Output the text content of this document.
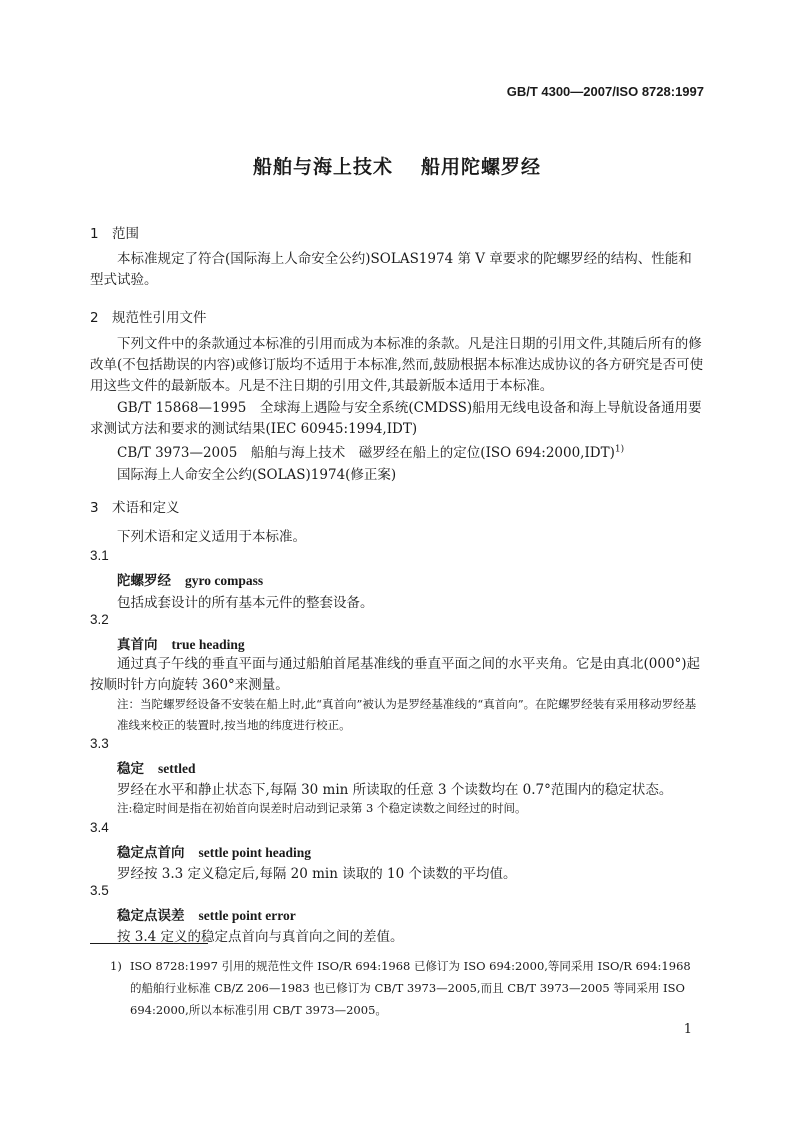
GB/T 4300—2007/ISO 8728:1997
船舶与海上技术 船用陀螺罗经
1 范围
本标准规定了符合(国际海上人命安全公约)SOLAS1974 第 V 章要求的陀螺罗经的结构、性能和型式试验。
2 规范性引用文件
下列文件中的条款通过本标准的引用而成为本标准的条款。凡是注日期的引用文件,其随后所有的修改单(不包括勘误的内容)或修订版均不适用于本标准,然而,鼓励根据本标准达成协议的各方研究是否可使用这些文件的最新版本。凡是不注日期的引用文件,其最新版本适用于本标准。
GB/T 15868—1995　全球海上遇险与安全系统(CMDSS)船用无线电设备和海上导航设备通用要求测试方法和要求的测试结果(IEC 60945:1994,IDT)
CB/T 3973—2005　船舶与海上技术　磁罗经在船上的定位(ISO 694:2000,IDT)$^{1)}$
国际海上人命安全公约(SOLAS)1974(修正案)
3 术语和定义
下列术语和定义适用于本标准。
3.1
陀螺罗经 gyro compass
包括成套设计的所有基本元件的整套设备。
3.2
真首向 true heading
通过真子午线的垂直平面与通过船舶首尾基准线的垂直平面之间的水平夹角。它是由真北(000°)起按顺时针方向旋转 360°来测量。
注：当陀螺罗经设备不安装在船上时,此“真首向”被认为是罗经基准线的“真首向”。在陀螺罗经装有采用移动罗经基准线来校正的装置时,按当地的纬度进行校正。
3.3
稳定 settled
罗经在水平和静止状态下,每隔 30 min 所读取的任意 3 个读数均在 0.7°范围内的稳定状态。
注:稳定时间是指在初始首向误差时启动到记录第 3 个稳定读数之间经过的时间。
3.4
稳定点首向 settle point heading
罗经按 3.3 定义稳定后,每隔 20 min 读取的 10 个读数的平均值。
3.5
稳定点误差 settle point error
按 3.4 定义的稳定点首向与真首向之间的差值。
1) ISO 8728:1997 引用的规范性文件 ISO/R 694:1968 已修订为 ISO 694:2000,等同采用 ISO/R 694:1968 的船舶行业标准 CB/Z 206—1983 也已修订为 CB/T 3973—2005,而且 CB/T 3973—2005 等同采用 ISO 694:2000,所以本标准引用 CB/T 3973—2005。
1
